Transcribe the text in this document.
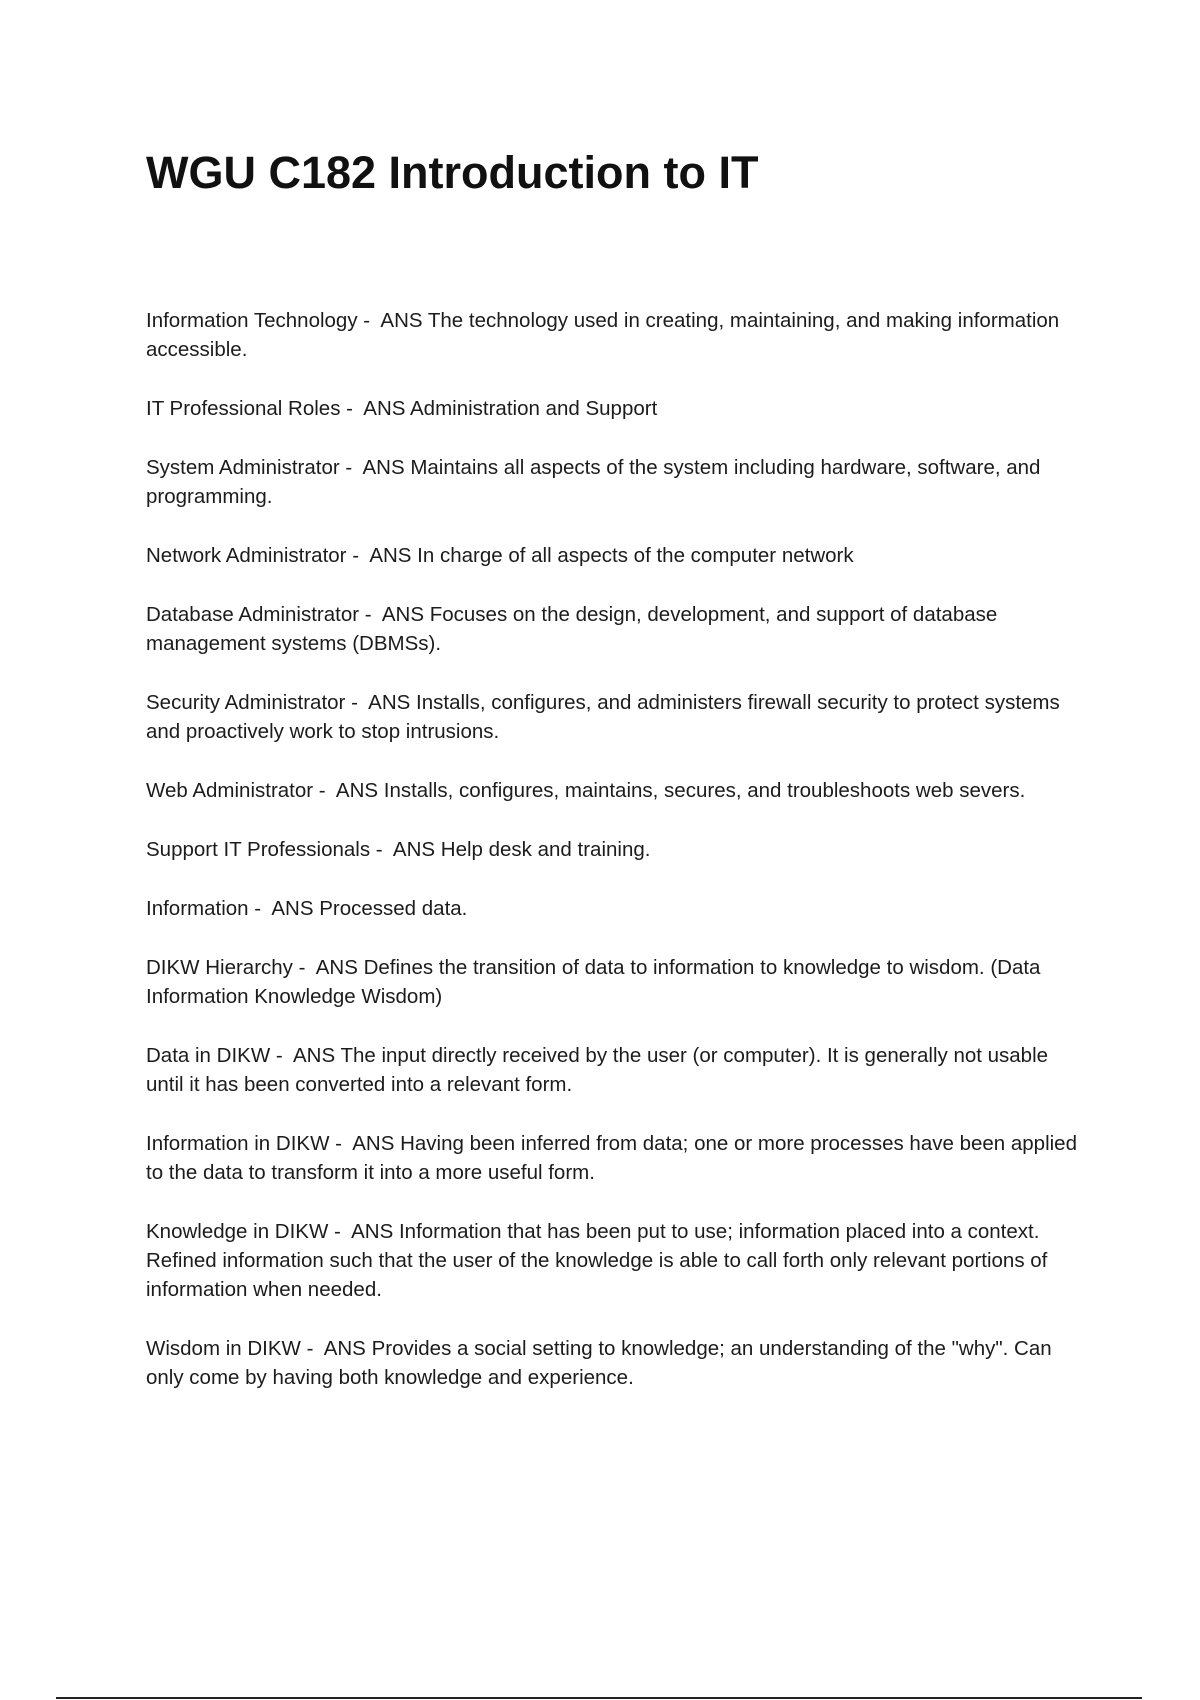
WGU C182 Introduction to IT

Information Technology -  ANS The technology used in creating, maintaining, and making information accessible.

IT Professional Roles -  ANS Administration and Support

System Administrator -  ANS Maintains all aspects of the system including hardware, software, and programming.

Network Administrator -  ANS In charge of all aspects of the computer network

Database Administrator -  ANS Focuses on the design, development, and support of database management systems (DBMSs).

Security Administrator -  ANS Installs, configures, and administers firewall security to protect systems and proactively work to stop intrusions.

Web Administrator -  ANS Installs, configures, maintains, secures, and troubleshoots web severs.

Support IT Professionals -  ANS Help desk and training.

Information -  ANS Processed data.

DIKW Hierarchy -  ANS Defines the transition of data to information to knowledge to wisdom. (Data Information Knowledge Wisdom)

Data in DIKW -  ANS The input directly received by the user (or computer). It is generally not usable until it has been converted into a relevant form.

Information in DIKW -  ANS Having been inferred from data; one or more processes have been applied to the data to transform it into a more useful form.

Knowledge in DIKW -  ANS Information that has been put to use; information placed into a context. Refined information such that the user of the knowledge is able to call forth only relevant portions of information when needed.

Wisdom in DIKW -  ANS Provides a social setting to knowledge; an understanding of the "why". Can only come by having both knowledge and experience.
